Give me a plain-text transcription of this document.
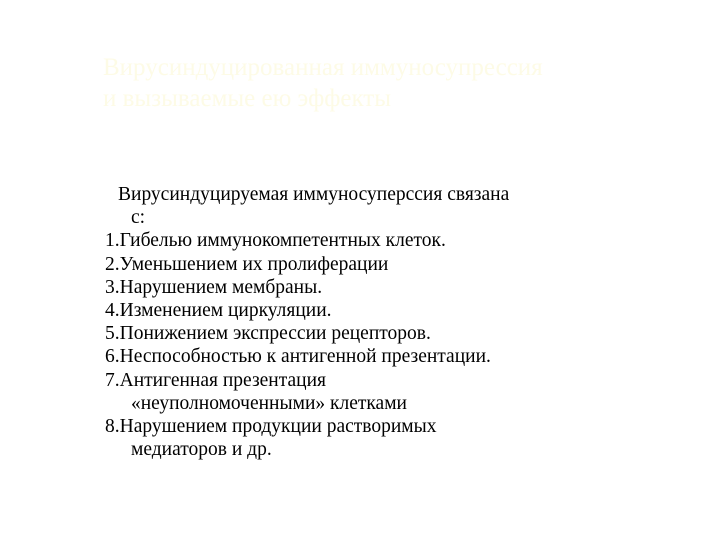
Вирусиндуцированная иммуносупрессия
и вызываемые ею эффекты

Вирусиндуцируемая иммуносуперссия связана
с:

1.Гибелью иммунокомпетентных клеток.
2.Уменьшением их пролиферации
3.Нарушением мембраны.
4.Изменением циркуляции.
5.Понижением экспрессии рецепторов.
6.Неспособностью к антигенной презентации.
7.Антигенная презентация
«неуполномоченными» клетками
8.Нарушением продукции растворимых
медиаторов и др.
